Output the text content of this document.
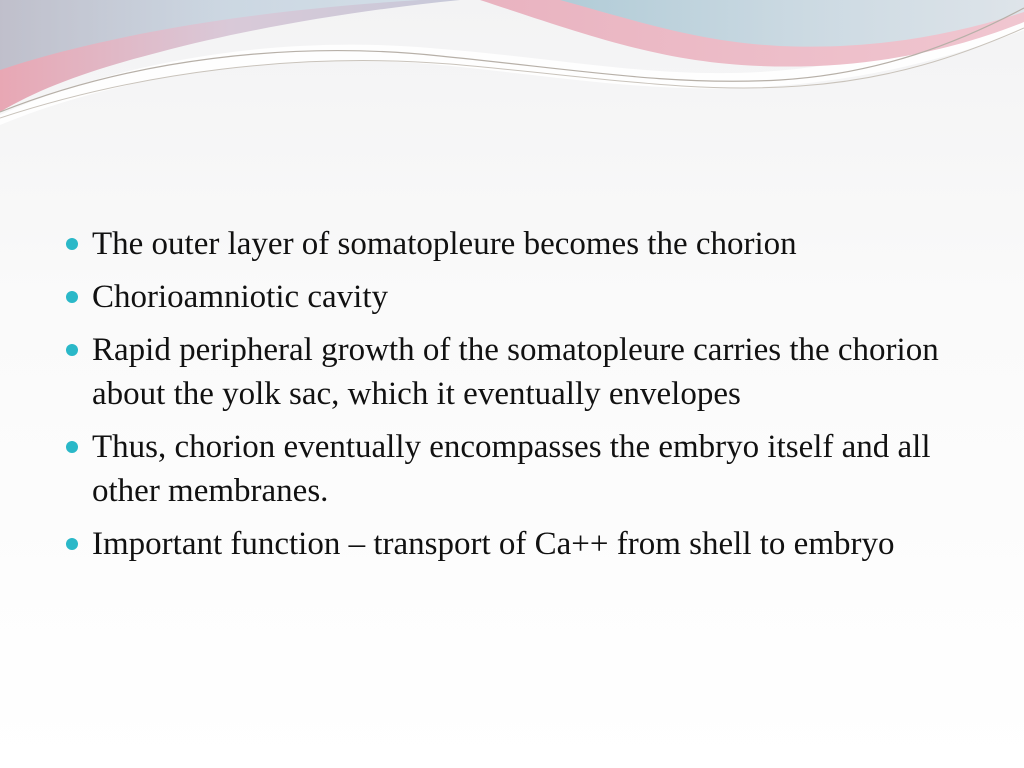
The outer layer of somatopleure becomes the chorion
Chorioamniotic cavity
Rapid peripheral growth of the somatopleure carries the chorion about the yolk sac, which it eventually envelopes
Thus, chorion eventually encompasses the embryo itself and all other membranes.
Important function – transport of Ca++ from shell to embryo
